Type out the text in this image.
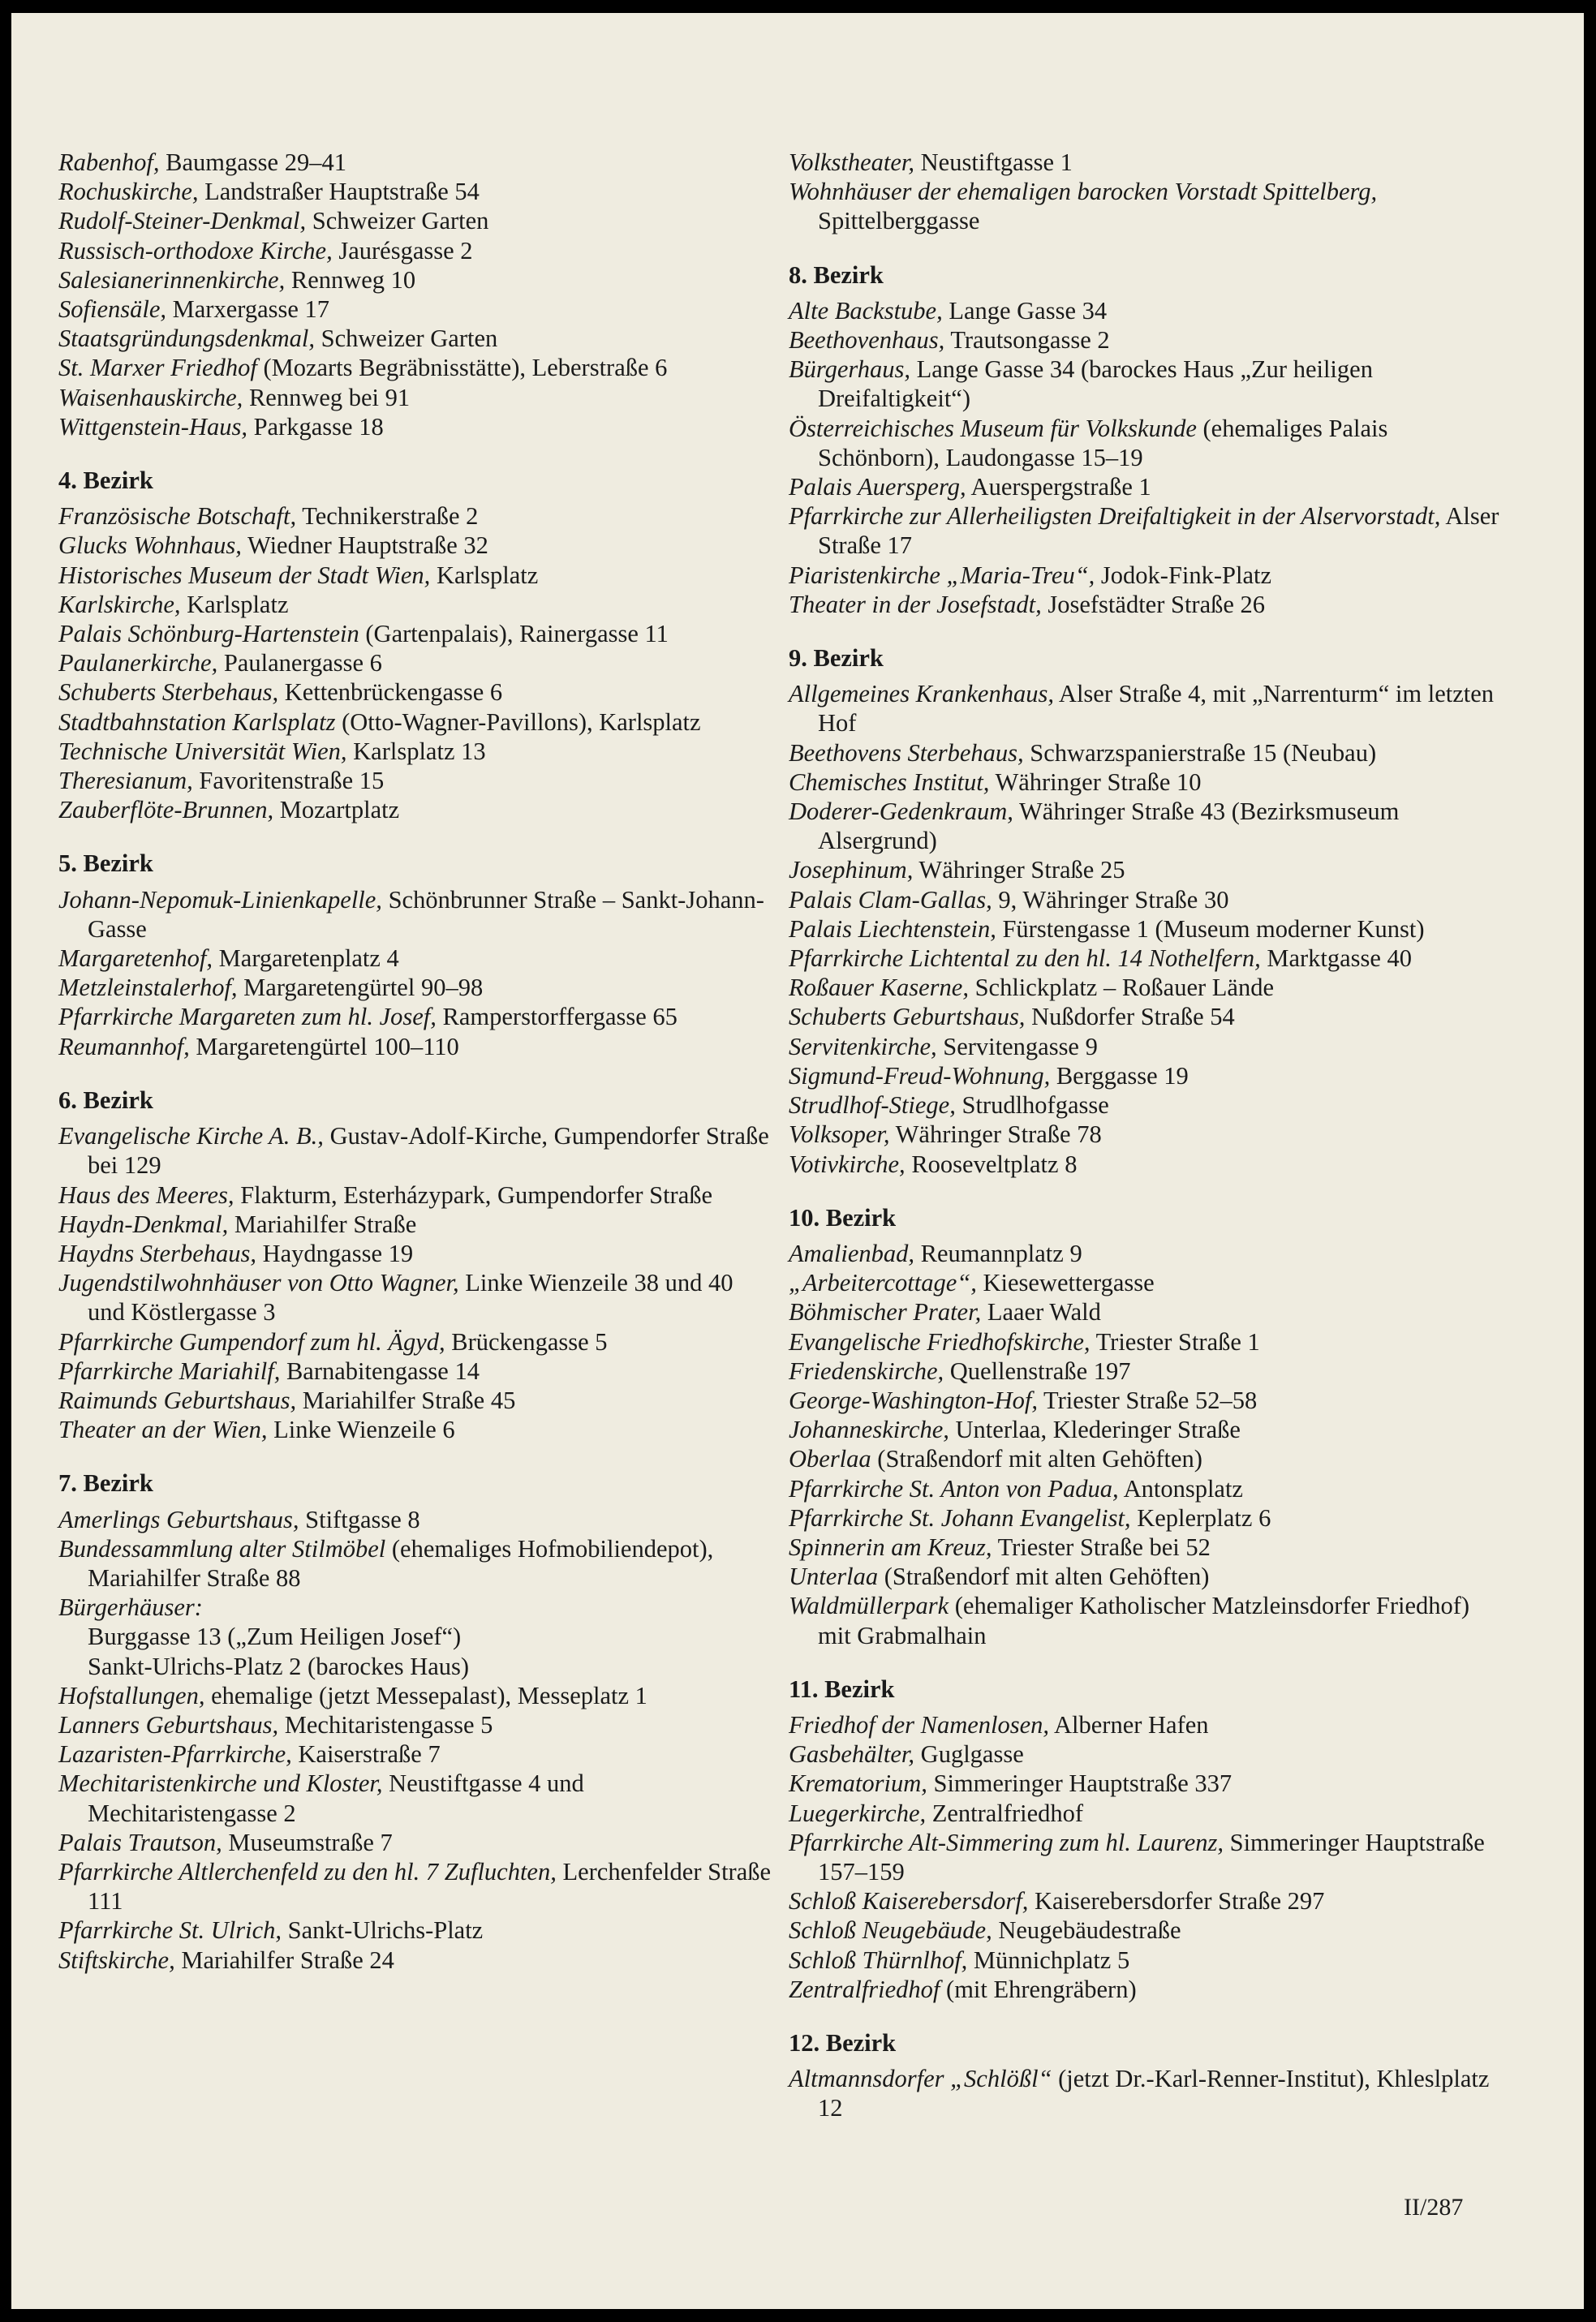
Rabenhof, Baumgasse 29–41
Rochuskirche, Landstraßer Hauptstraße 54
Rudolf-Steiner-Denkmal, Schweizer Garten
Russisch-orthodoxe Kirche, Jaurésgasse 2
Salesianerinnenkirche, Rennweg 10
Sofiensäle, Marxergasse 17
Staatsgründungsdenkmal, Schweizer Garten
St. Marxer Friedhof (Mozarts Begräbnisstätte), Leberstraße 6
Waisenhauskirche, Rennweg bei 91
Wittgenstein-Haus, Parkgasse 18
4. Bezirk
Französische Botschaft, Technikerstraße 2
Glucks Wohnhaus, Wiedner Hauptstraße 32
Historisches Museum der Stadt Wien, Karlsplatz
Karlskirche, Karlsplatz
Palais Schönburg-Hartenstein (Gartenpalais), Rainergasse 11
Paulanerkirche, Paulanergasse 6
Schuberts Sterbehaus, Kettenbrückengasse 6
Stadtbahnstation Karlsplatz (Otto-Wagner-Pavillons), Karlsplatz
Technische Universität Wien, Karlsplatz 13
Theresianum, Favoritenstraße 15
Zauberflöte-Brunnen, Mozartplatz
5. Bezirk
Johann-Nepomuk-Linienkapelle, Schönbrunner Straße – Sankt-Johann-Gasse
Margaretenhof, Margaretenplatz 4
Metzleinstalerhof, Margaretengürtel 90–98
Pfarrkirche Margareten zum hl. Josef, Ramperstorffergasse 65
Reumannhof, Margaretengürtel 100–110
6. Bezirk
Evangelische Kirche A. B., Gustav-Adolf-Kirche, Gumpendorfer Straße bei 129
Haus des Meeres, Flakturm, Esterházypark, Gumpendorfer Straße
Haydn-Denkmal, Mariahilfer Straße
Haydns Sterbehaus, Haydngasse 19
Jugendstilwohnhäuser von Otto Wagner, Linke Wienzeile 38 und 40 und Köstlergasse 3
Pfarrkirche Gumpendorf zum hl. Ägyd, Brückengasse 5
Pfarrkirche Mariahilf, Barnabitengasse 14
Raimunds Geburtshaus, Mariahilfer Straße 45
Theater an der Wien, Linke Wienzeile 6
7. Bezirk
Amerlings Geburtshaus, Stiftgasse 8
Bundessammlung alter Stilmöbel (ehemaliges Hofmobiliendepot), Mariahilfer Straße 88
Bürgerhäuser:
Burggasse 13 („Zum Heiligen Josef“)
Sankt-Ulrichs-Platz 2 (barockes Haus)
Hofstallungen, ehemalige (jetzt Messepalast), Messeplatz 1
Lanners Geburtshaus, Mechitaristengasse 5
Lazaristen-Pfarrkirche, Kaiserstraße 7
Mechitaristenkirche und Kloster, Neustiftgasse 4 und Mechitaristengasse 2
Palais Trautson, Museumstraße 7
Pfarrkirche Altlerchenfeld zu den hl. 7 Zufluchten, Lerchenfelder Straße 111
Pfarrkirche St. Ulrich, Sankt-Ulrichs-Platz
Stiftskirche, Mariahilfer Straße 24
Volkstheater, Neustiftgasse 1
Wohnhäuser der ehemaligen barocken Vorstadt Spittelberg, Spittelberggasse
8. Bezirk
Alte Backstube, Lange Gasse 34
Beethovenhaus, Trautsongasse 2
Bürgerhaus, Lange Gasse 34 (barockes Haus „Zur heiligen Dreifaltigkeit“)
Österreichisches Museum für Volkskunde (ehemaliges Palais Schönborn), Laudongasse 15–19
Palais Auersperg, Auerspergstraße 1
Pfarrkirche zur Allerheiligsten Dreifaltigkeit in der Alservorstadt, Alser Straße 17
Piaristenkirche „Maria-Treu“, Jodok-Fink-Platz
Theater in der Josefstadt, Josefstädter Straße 26
9. Bezirk
Allgemeines Krankenhaus, Alser Straße 4, mit „Narrenturm“ im letzten Hof
Beethovens Sterbehaus, Schwarzspanierstraße 15 (Neubau)
Chemisches Institut, Währinger Straße 10
Doderer-Gedenkraum, Währinger Straße 43 (Bezirksmuseum Alsergrund)
Josephinum, Währinger Straße 25
Palais Clam-Gallas, 9, Währinger Straße 30
Palais Liechtenstein, Fürstengasse 1 (Museum moderner Kunst)
Pfarrkirche Lichtental zu den hl. 14 Nothelfern, Marktgasse 40
Roßauer Kaserne, Schlickplatz – Roßauer Lände
Schuberts Geburtshaus, Nußdorfer Straße 54
Servitenkirche, Servitengasse 9
Sigmund-Freud-Wohnung, Berggasse 19
Strudlhof-Stiege, Strudlhofgasse
Volksoper, Währinger Straße 78
Votivkirche, Rooseveltplatz 8
10. Bezirk
Amalienbad, Reumannplatz 9
„Arbeitercottage“, Kiesewettergasse
Böhmischer Prater, Laaer Wald
Evangelische Friedhofskirche, Triester Straße 1
Friedenskirche, Quellenstraße 197
George-Washington-Hof, Triester Straße 52–58
Johanneskirche, Unterlaa, Klederinger Straße
Oberlaa (Straßendorf mit alten Gehöften)
Pfarrkirche St. Anton von Padua, Antonsplatz
Pfarrkirche St. Johann Evangelist, Keplerplatz 6
Spinnerin am Kreuz, Triester Straße bei 52
Unterlaa (Straßendorf mit alten Gehöften)
Waldmüllerpark (ehemaliger Katholischer Matzleinsdorfer Friedhof) mit Grabmalhain
11. Bezirk
Friedhof der Namenlosen, Alberner Hafen
Gasbehälter, Guglgasse
Krematorium, Simmeringer Hauptstraße 337
Luegerkirche, Zentralfriedhof
Pfarrkirche Alt-Simmering zum hl. Laurenz, Simmeringer Hauptstraße 157–159
Schloß Kaiserebersdorf, Kaiserebersdorfer Straße 297
Schloß Neugebäude, Neugebäudestraße
Schloß Thürnlhof, Münnichplatz 5
Zentralfriedhof (mit Ehrengräbern)
12. Bezirk
Altmannsdorfer „Schlößl“ (jetzt Dr.-Karl-Renner-Institut), Khleslplatz 12
II/287
